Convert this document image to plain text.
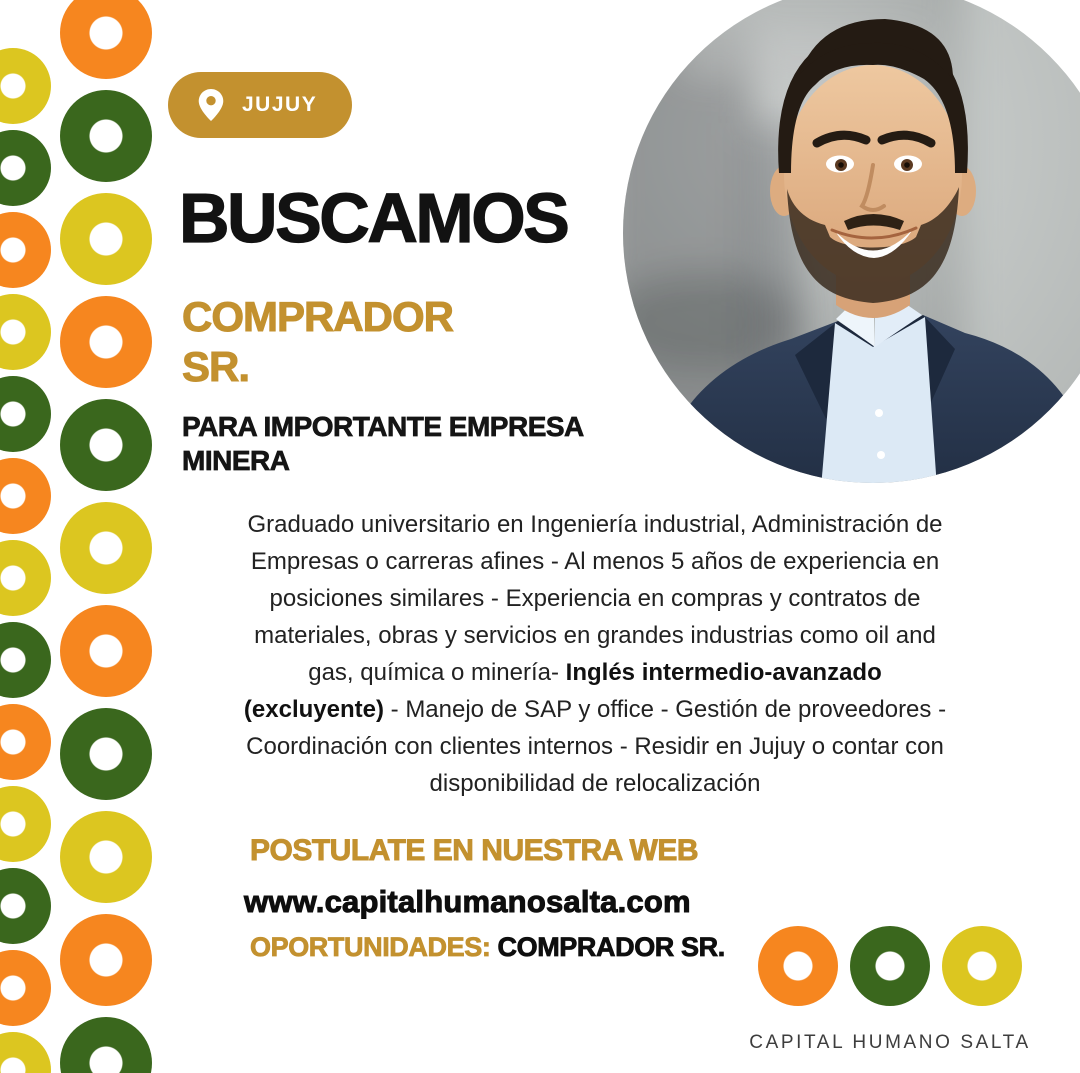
JUJUY
BUSCAMOS
COMPRADOR
SR.
PARA IMPORTANTE EMPRESA
MINERA
Graduado universitario en Ingeniería industrial, Administración de
Empresas o carreras afines - Al menos 5 años de experiencia en
posiciones similares - Experiencia en compras y contratos de
materiales, obras y servicios en grandes industrias como oil and
gas, química o minería- Inglés intermedio-avanzado
(excluyente) - Manejo de SAP y office - Gestión de proveedores -
Coordinación con clientes internos - Residir en Jujuy o contar con
disponibilidad de relocalización
POSTULATE EN NUESTRA WEB
www.capitalhumanosalta.com
OPORTUNIDADES: COMPRADOR SR.
CAPITAL HUMANO SALTA
